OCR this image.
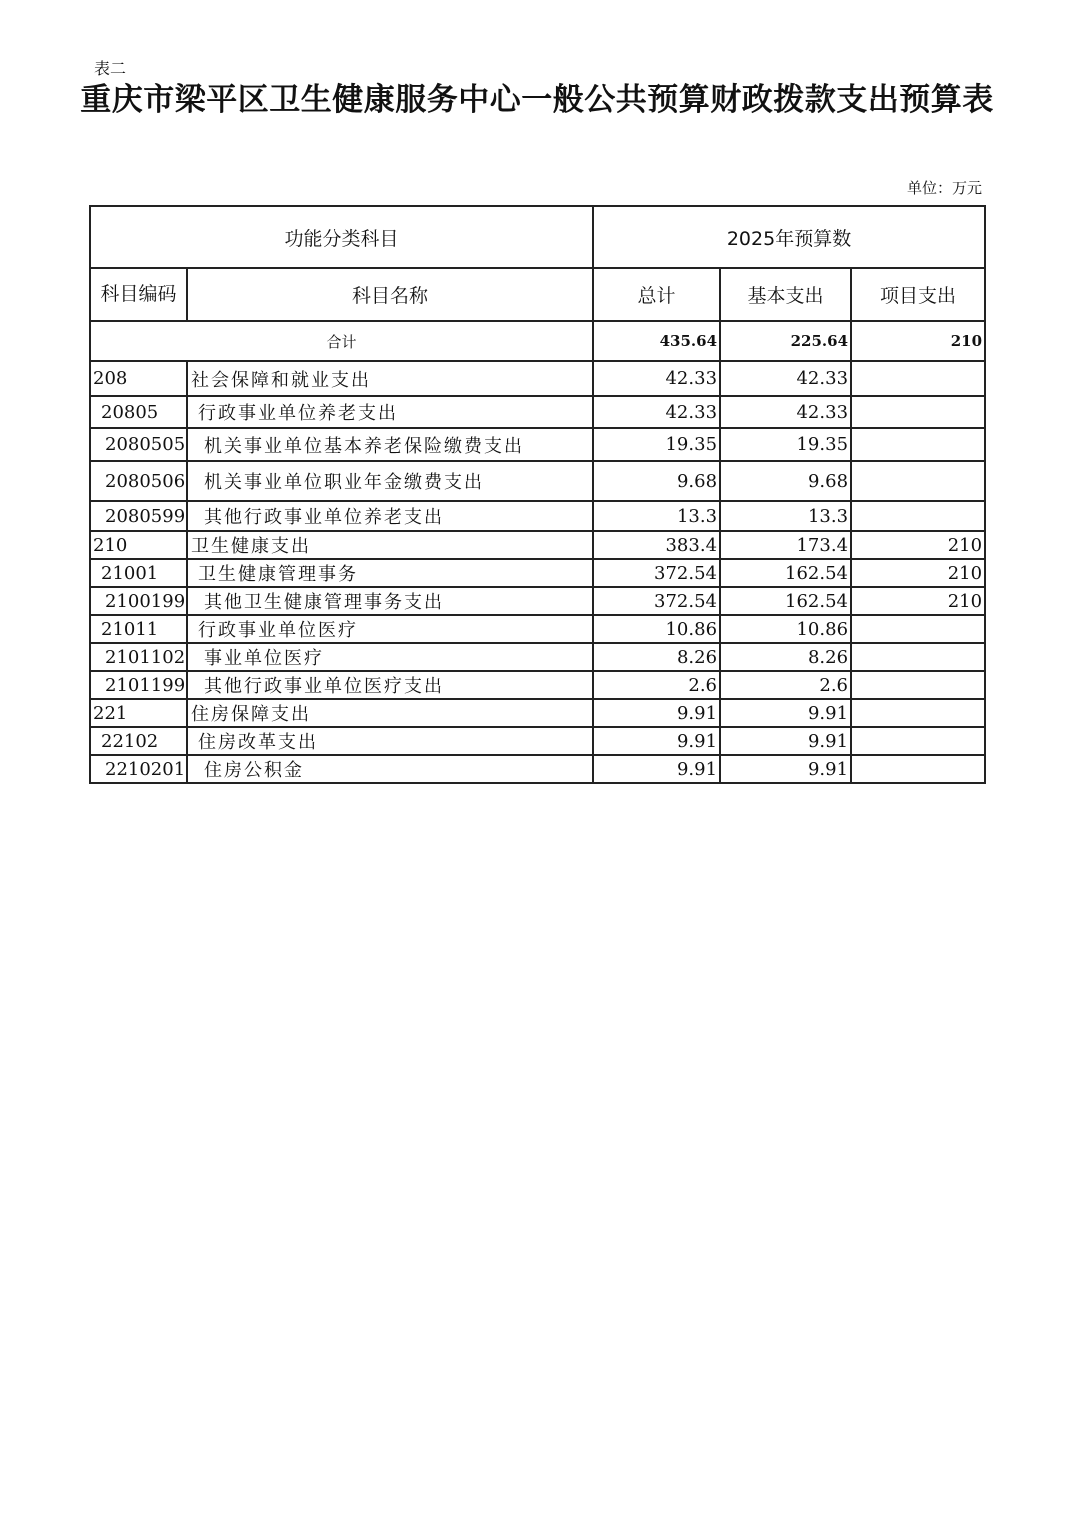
表二
重庆市梁平区卫生健康服务中心一般公共预算财政拨款支出预算表
单位：万元
功能分类科目		2025年预算数		
科目编码	科目名称	总计	基本支出	项目支出
合计		435.64	225.64	210
208	社会保障和就业支出	42.33	42.33	
20805	行政事业单位养老支出	42.33	42.33	
2080505	机关事业单位基本养老保险缴费支出	19.35	19.35	
2080506	机关事业单位职业年金缴费支出	9.68	9.68	
2080599	其他行政事业单位养老支出	13.3	13.3	
210	卫生健康支出	383.4	173.4	210
21001	卫生健康管理事务	372.54	162.54	210
2100199	其他卫生健康管理事务支出	372.54	162.54	210
21011	行政事业单位医疗	10.86	10.86	
2101102	事业单位医疗	8.26	8.26	
2101199	其他行政事业单位医疗支出	2.6	2.6	
221	住房保障支出	9.91	9.91	
22102	住房改革支出	9.91	9.91	
2210201	住房公积金	9.91	9.91	
